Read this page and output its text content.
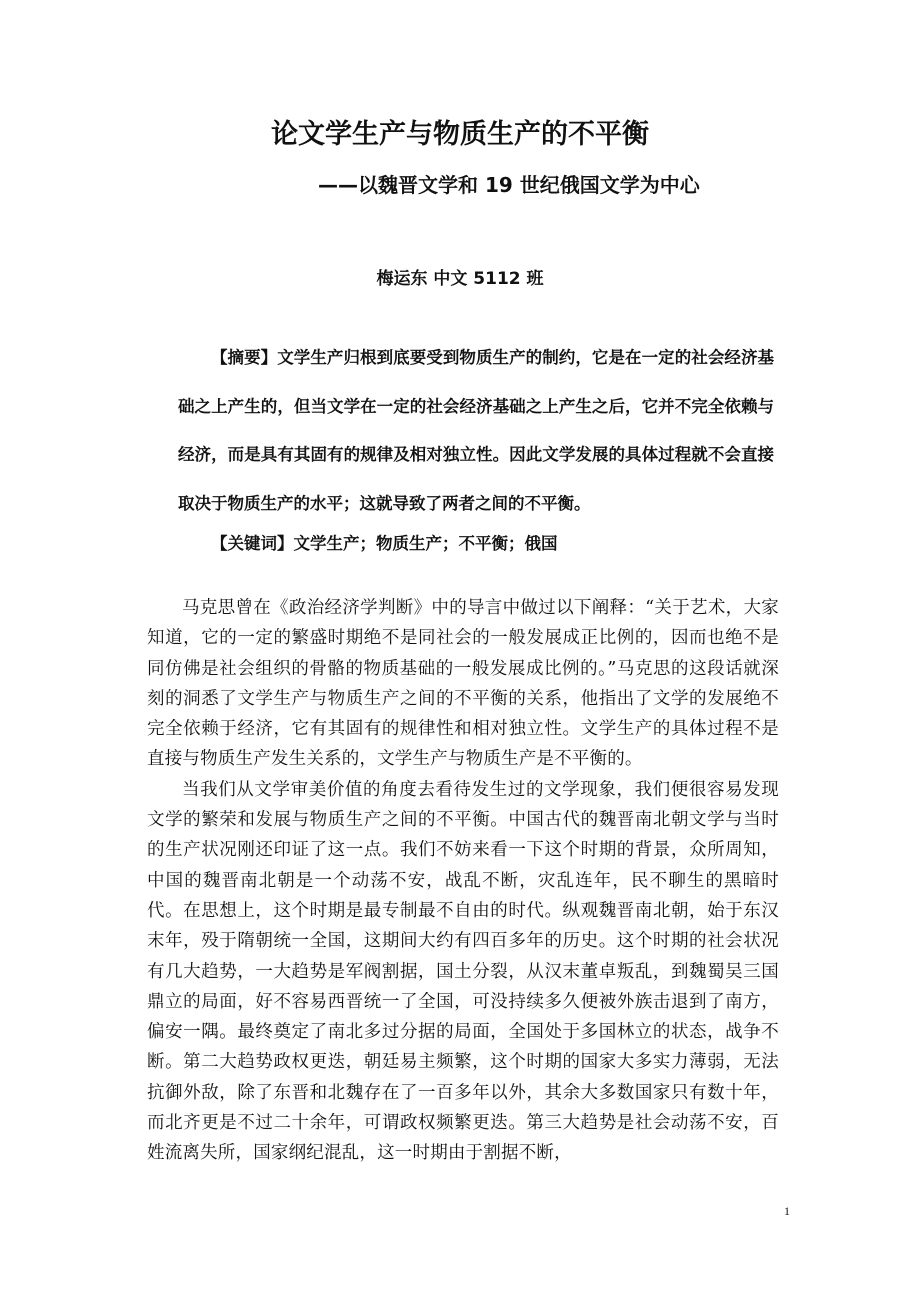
论文学生产与物质生产的不平衡
——以魏晋文学和 19 世纪俄国文学为中心

梅运东 中文 5112 班

【摘要】文学生产归根到底要受到物质生产的制约，它是在一定的社会经济基础之上产生的，但当文学在一定的社会经济基础之上产生之后，它并不完全依赖与经济，而是具有其固有的规律及相对独立性。因此文学发展的具体过程就不会直接取决于物质生产的水平；这就导致了两者之间的不平衡。

【关键词】文学生产；物质生产；不平衡；俄国

马克思曾在《政治经济学判断》中的导言中做过以下阐释：“关于艺术，大家知道，它的一定的繁盛时期绝不是同社会的一般发展成正比例的，因而也绝不是同仿佛是社会组织的骨骼的物质基础的一般发展成比例的。”马克思的这段话就深刻的洞悉了文学生产与物质生产之间的不平衡的关系，他指出了文学的发展绝不完全依赖于经济，它有其固有的规律性和相对独立性。文学生产的具体过程不是直接与物质生产发生关系的，文学生产与物质生产是不平衡的。

当我们从文学审美价值的角度去看待发生过的文学现象，我们便很容易发现文学的繁荣和发展与物质生产之间的不平衡。中国古代的魏晋南北朝文学与当时的生产状况刚还印证了这一点。我们不妨来看一下这个时期的背景，众所周知，中国的魏晋南北朝是一个动荡不安，战乱不断，灾乱连年，民不聊生的黑暗时代。在思想上，这个时期是最专制最不自由的时代。纵观魏晋南北朝，始于东汉末年，殁于隋朝统一全国，这期间大约有四百多年的历史。这个时期的社会状况有几大趋势，一大趋势是军阀割据，国土分裂，从汉末董卓叛乱，到魏蜀吴三国鼎立的局面，好不容易西晋统一了全国，可没持续多久便被外族击退到了南方，偏安一隅。最终奠定了南北多过分据的局面，全国处于多国林立的状态，战争不断。第二大趋势政权更迭，朝廷易主频繁，这个时期的国家大多实力薄弱，无法抗御外敌，除了东晋和北魏存在了一百多年以外，其余大多数国家只有数十年，而北齐更是不过二十余年，可谓政权频繁更迭。第三大趋势是社会动荡不安，百姓流离失所，国家纲纪混乱，这一时期由于割据不断，

1
